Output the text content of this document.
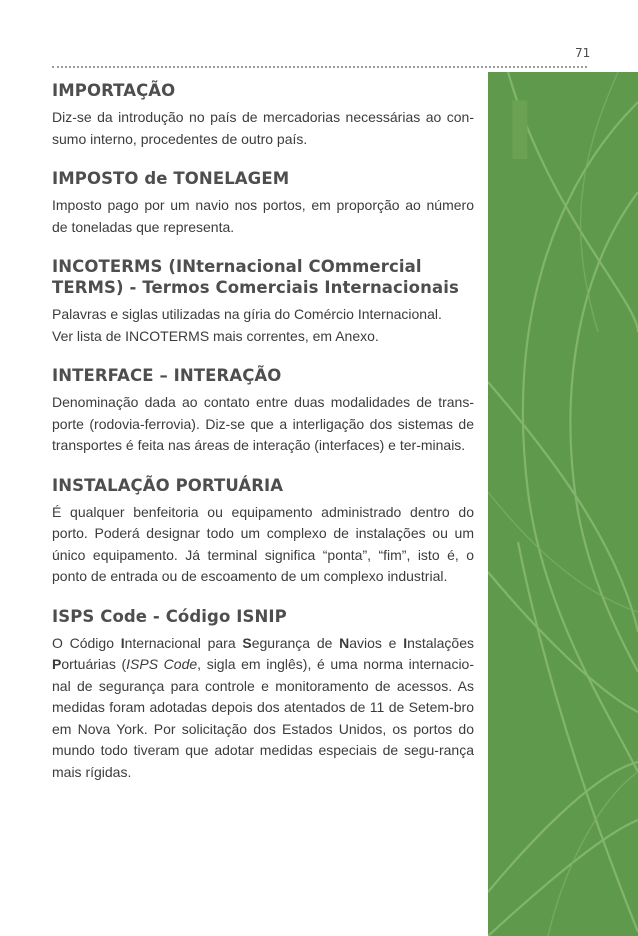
I
71
IMPORTAÇÃO
Diz-se da introdução no país de mercadorias necessárias ao con-sumo interno, procedentes de outro país.
IMPOSTO de TONELAGEM
Imposto pago por um navio nos portos, em proporção ao número de toneladas que representa.
INCOTERMS (INternacional COmmercial TERMS) - Termos Comerciais Internacionais
Palavras e siglas utilizadas na gíria do Comércio Internacional.
Ver lista de INCOTERMS mais correntes, em Anexo.
INTERFACE – INTERAÇÃO
Denominação dada ao contato entre duas modalidades de trans-porte (rodovia-ferrovia). Diz-se que a interligação dos sistemas de transportes é feita nas áreas de interação (interfaces) e ter-minais.
INSTALAÇÃO PORTUÁRIA
É qualquer benfeitoria ou equipamento administrado dentro do porto. Poderá designar todo um complexo de instalações ou um único equipamento. Já terminal significa “ponta”, “fim”, isto é, o ponto de entrada ou de escoamento de um complexo industrial.
ISPS Code - Código ISNIP
O Código Internacional para Segurança de Navios e Instalações Portuárias (ISPS Code, sigla em inglês), é uma norma internacio-nal de segurança para controle e monitoramento de acessos. As medidas foram adotadas depois dos atentados de 11 de Setem-bro em Nova York. Por solicitação dos Estados Unidos, os portos do mundo todo tiveram que adotar medidas especiais de segu-rança mais rígidas.
